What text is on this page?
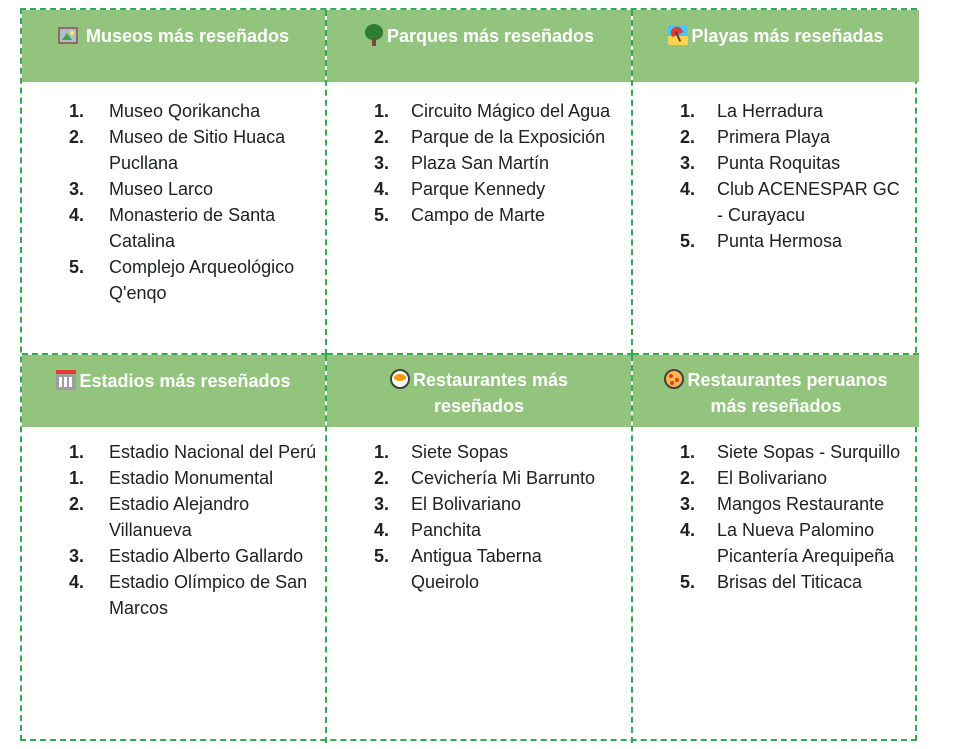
Museos más reseñados
1.	Museo Qorikancha
2.	Museo de Sitio Huaca Pucllana
3.	Museo Larco
4.	Monasterio de Santa Catalina
5.	Complejo Arqueológico Q'enqo
Parques más reseñados
1.	Circuito Mágico del Agua
2.	Parque de la Exposición
3.	Plaza San Martín
4.	Parque Kennedy
5.	Campo de Marte
Playas más reseñadas
1.	La Herradura
2.	Primera Playa
3.	Punta Roquitas
4.	Club ACENESPAR GC - Curayacu
5.	Punta Hermosa
Estadios más reseñados
1.	Estadio Nacional del Perú
1.	Estadio Monumental
2.	Estadio Alejandro Villanueva
3.	Estadio Alberto Gallardo
4.	Estadio Olímpico de San Marcos
Restaurantes más reseñados
1.	Siete Sopas
2.	Cevichería Mi Barrunto
3.	El Bolivariano
4.	Panchita
5.	Antigua Taberna Queirolo
Restaurantes peruanos más reseñados
1.	Siete Sopas - Surquillo
2.	El Bolivariano
3.	Mangos Restaurante
4.	La Nueva Palomino Picantería Arequipeña
5.	Brisas del Titicaca
